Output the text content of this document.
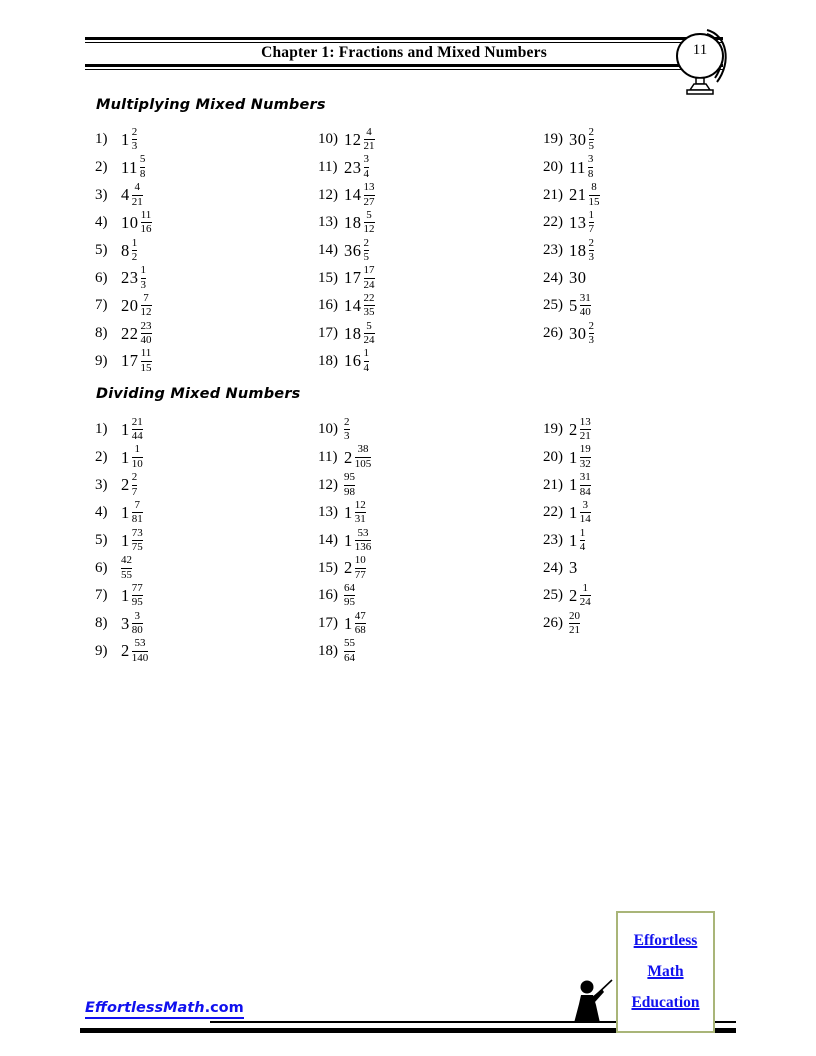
Chapter 1: Fractions and Mixed Numbers	11
Multiplying Mixed Numbers
1) $1 \frac{2}{3}$
2) $11 \frac{5}{8}$
3) $4 \frac{4}{21}$
4) $10 \frac{11}{16}$
5) $8 \frac{1}{2}$
6) $23 \frac{1}{3}$
7) $20 \frac{7}{12}$
8) $22 \frac{23}{40}$
9) $17 \frac{11}{15}$
10) $12 \frac{4}{21}$
11) $23 \frac{3}{4}$
12) $14 \frac{13}{27}$
13) $18 \frac{5}{12}$
14) $36 \frac{2}{5}$
15) $17 \frac{17}{24}$
16) $14 \frac{22}{35}$
17) $18 \frac{5}{24}$
18) $16 \frac{1}{4}$
19) $30 \frac{2}{5}$
20) $11 \frac{3}{8}$
21) $21 \frac{8}{15}$
22) $13 \frac{1}{7}$
23) $18 \frac{2}{3}$
24) 30
25) $5 \frac{31}{40}$
26) $30 \frac{2}{3}$
Dividing Mixed Numbers
1) $1 \frac{21}{44}$
2) $1 \frac{1}{10}$
3) $2 \frac{2}{7}$
4) $1 \frac{7}{81}$
5) $1 \frac{73}{75}$
6)	$\frac{42}{55}$
7) $1 \frac{77}{95}$
8) $3 \frac{3}{80}$
9) $2 \frac{53}{140}$
$10) \frac{2}{3}$
11) $2 \frac{38}{105}$
$12) \frac{95}{98}$
13) $1 \frac{12}{31}$
14) $1 \frac{53}{136}$
15) $2 \frac{10}{77}$
$16) \frac{64}{95}$
17) $1 \frac{47}{68}$
$18) \frac{55}{64}$
19) $2 \frac{13}{21}$
20) $1 \frac{19}{32}$
21) $1 \frac{31}{84}$
22) $1 \frac{3}{14}$
23) $1 \frac{1}{4}$
24) 3
25) $2 \frac{1}{24}$
$26) \frac{20}{21}$
Effortless
Math
Education
EffortlessMath.com
